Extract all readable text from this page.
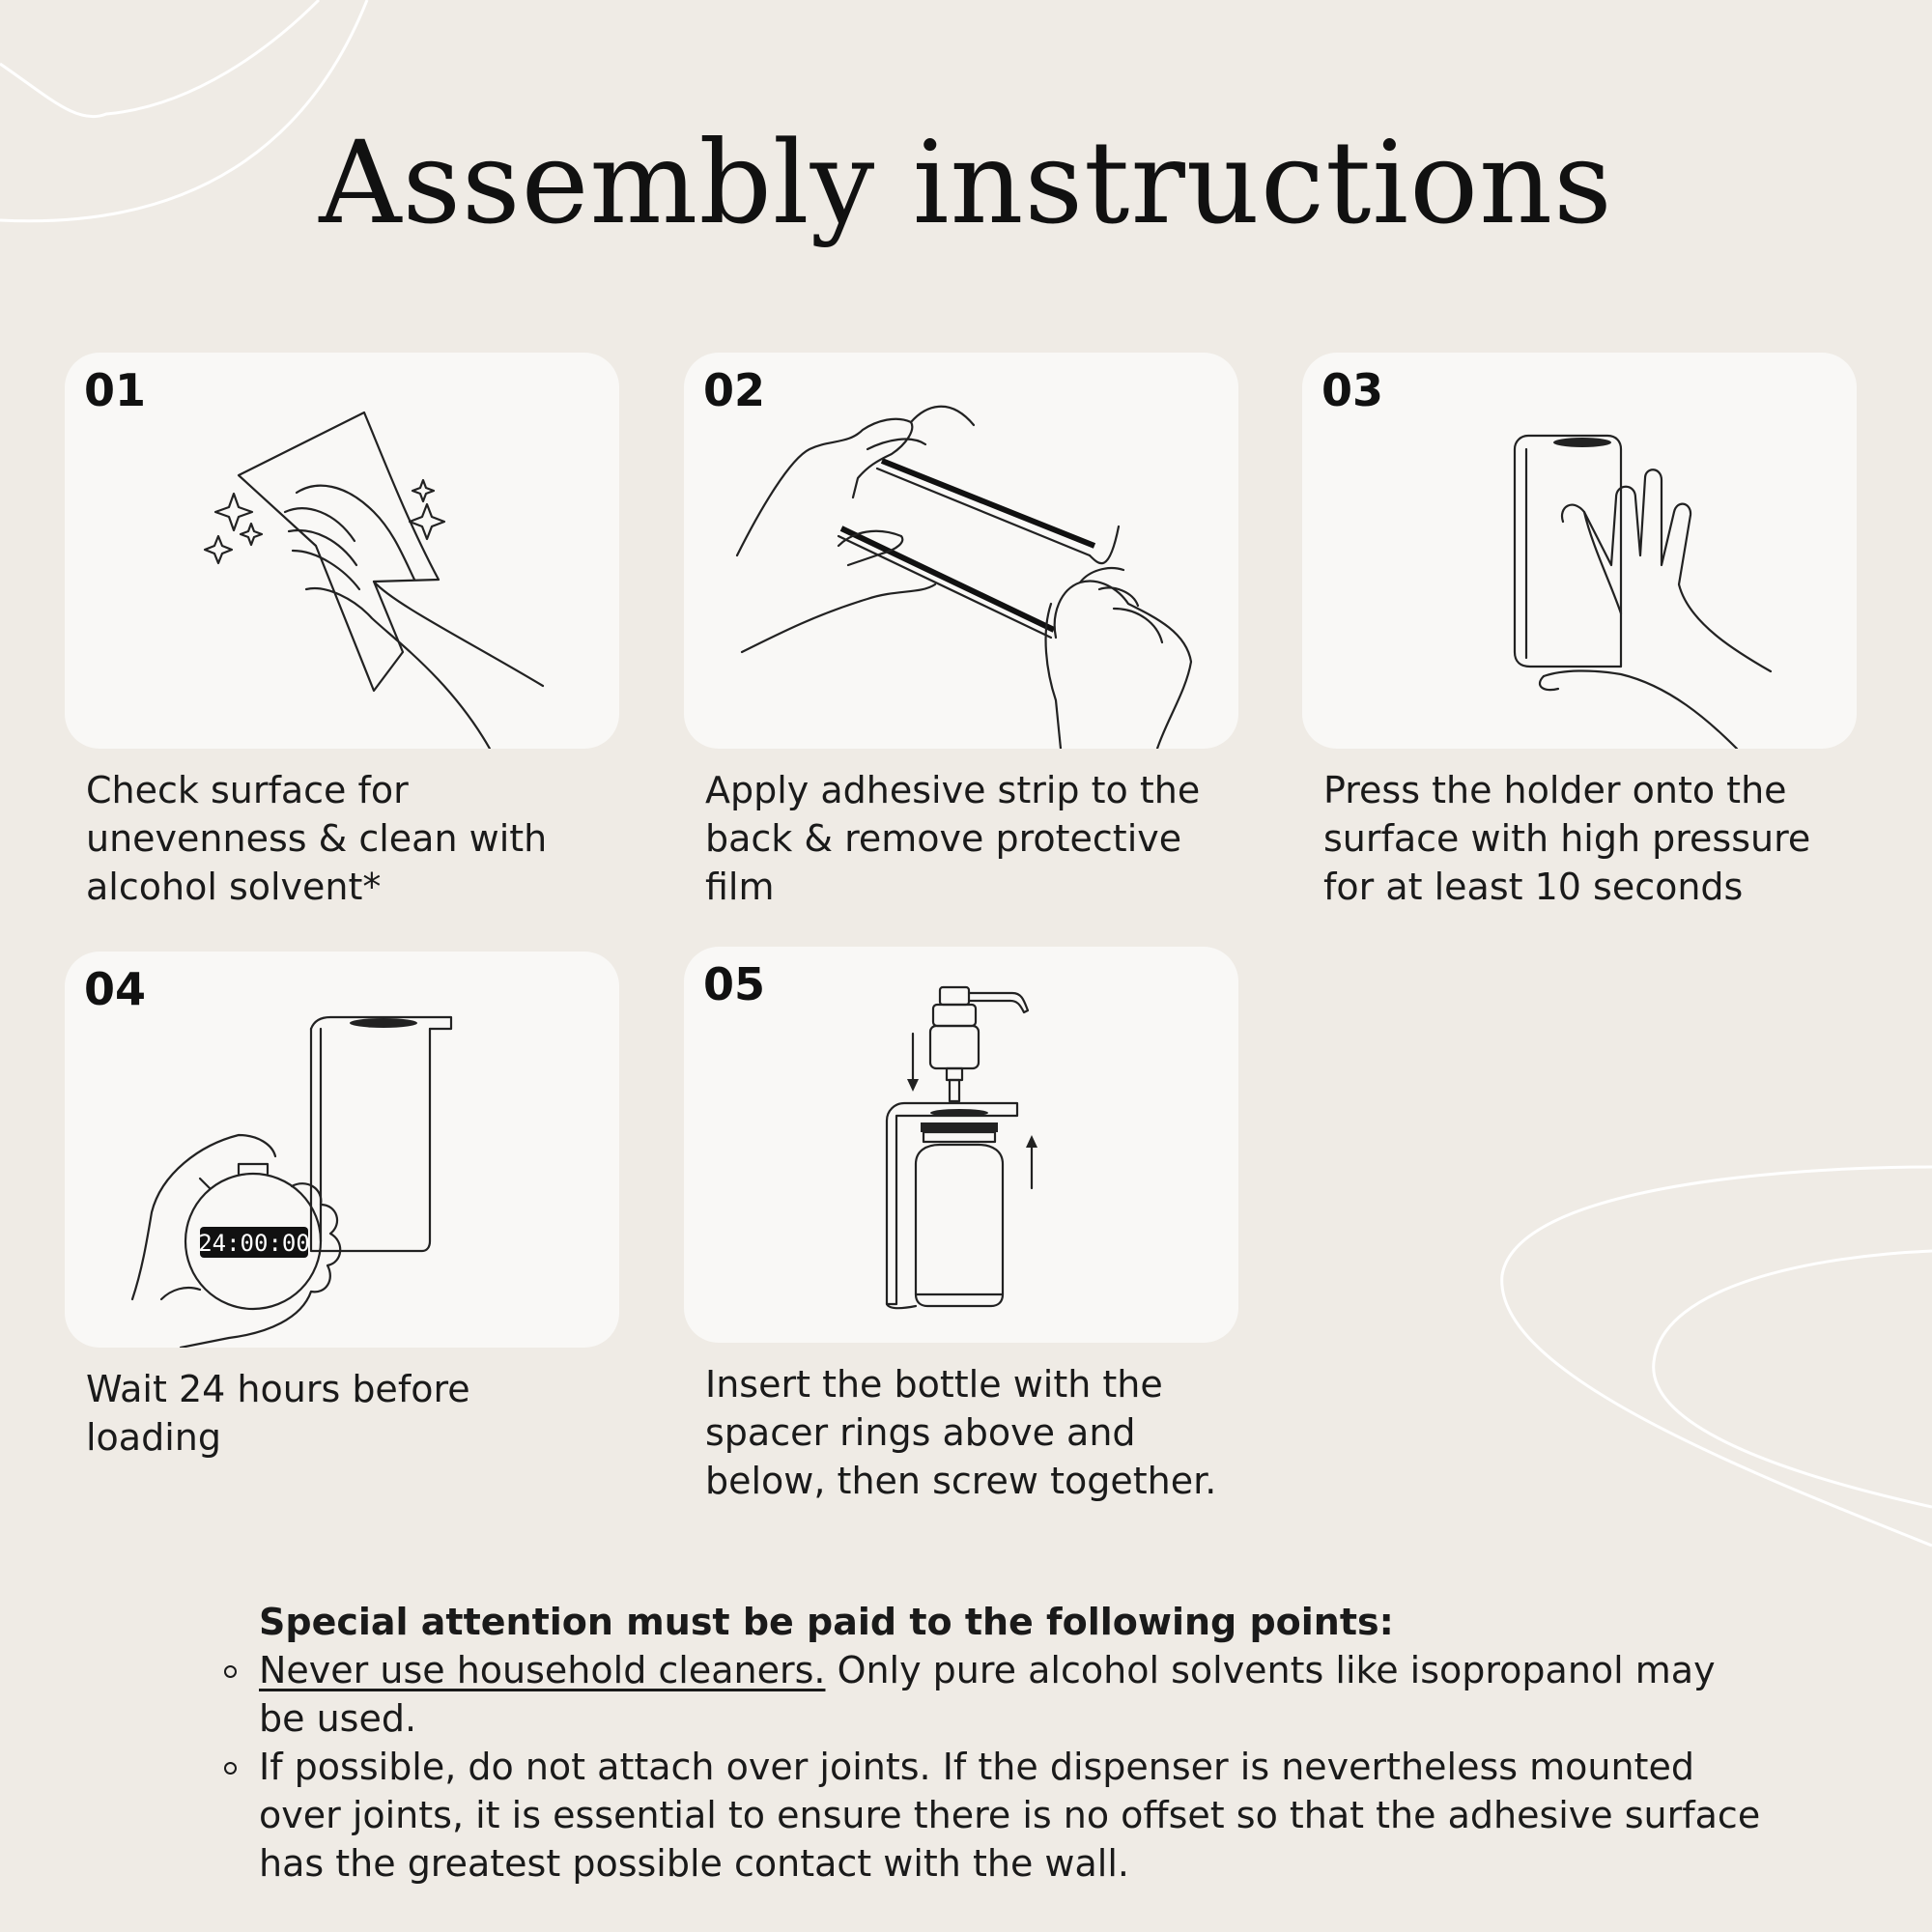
Assembly instructions
01
Check surface for unevenness & clean with alcohol solvent*
02
Apply adhesive strip to the back & remove protective film
03
Press the holder onto the surface with high pressure for at least 10 seconds
24:00:00
04
Wait 24 hours before loading
05
Insert the bottle with the spacer rings above and below, then screw together.

Special attention must be paid to the following points:

Never use household cleaners. Only pure alcohol solvents like isopropanol may be used.
If possible, do not attach over joints. If the dispenser is nevertheless mounted over joints, it is essential to ensure there is no offset so that the adhesive surface has the greatest possible contact with the wall.
